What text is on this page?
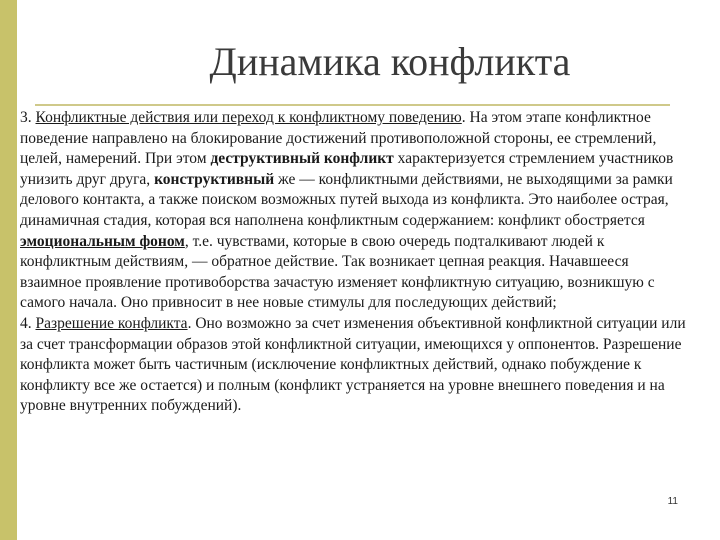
Динамика конфликта

3. Конфликтные действия или переход к конфликтному поведению. На этом этапе конфликтное поведение направлено на блокирование достижений противоположной стороны, ее стремлений, целей, намерений. При этом деструктивный конфликт характеризуется стремлением участников унизить друг друга, конструктивный же — конфликтными действиями, не выходящими за рамки делового контакта, а также поиском возможных путей выхода из конфликта. Это наиболее острая, динамичная стадия, которая вся наполнена конфликтным содержанием: конфликт обостряется эмоциональным фоном, т.е. чувствами, которые в свою очередь подталкивают людей к конфликтным действиям, — обратное действие. Так возникает цепная реакция. Начавшееся взаимное проявление противоборства зачастую изменяет конфликтную ситуацию, возникшую с самого начала. Оно привносит в нее новые стимулы для последующих действий;

4. Разрешение конфликта. Оно возможно за счет изменения объективной конфликтной ситуации или за счет трансформации образов этой конфликтной ситуации, имеющихся у оппонентов. Разрешение конфликта может быть частичным (исключение конфликтных действий, однако побуждение к конфликту все же остается) и полным (конфликт устраняется на уровне внешнего поведения и на уровне внутренних побуждений).

11
